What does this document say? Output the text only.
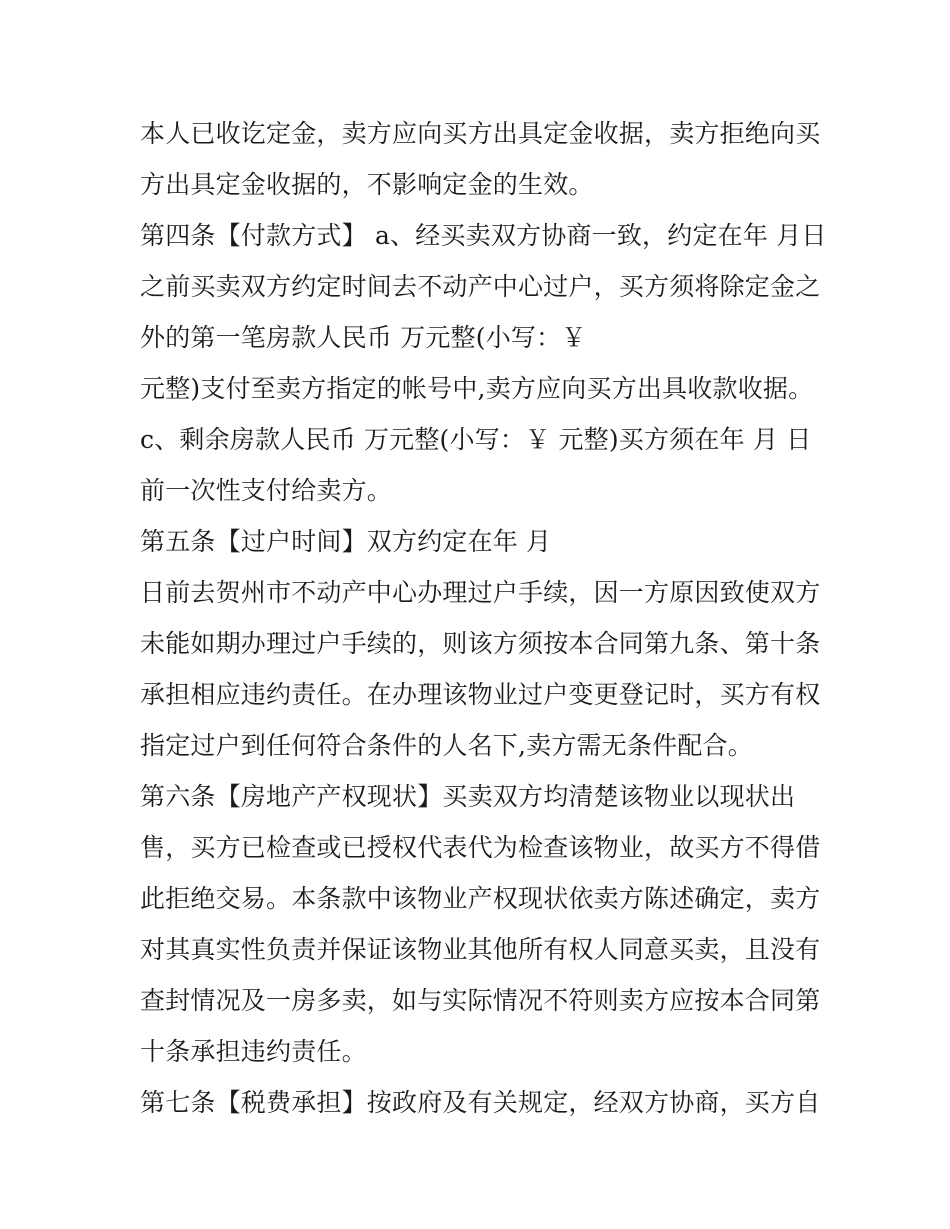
本人已收讫定金，卖方应向买方出具定金收据，卖方拒绝向买
方出具定金收据的，不影响定金的生效。
第四条【付款方式】 a、经买卖双方协商一致，约定在年 月日
之前买卖双方约定时间去不动产中心过户，买方须将除定金之
外的第一笔房款人民币 万元整(小写：￥
元整)支付至卖方指定的帐号中,卖方应向买方出具收款收据。
c、剩余房款人民币 万元整(小写：￥ 元整)买方须在年 月 日
前一次性支付给卖方。
第五条【过户时间】双方约定在年 月
日前去贺州市不动产中心办理过户手续，因一方原因致使双方
未能如期办理过户手续的，则该方须按本合同第九条、第十条
承担相应违约责任。在办理该物业过户变更登记时，买方有权
指定过户到任何符合条件的人名下,卖方需无条件配合。
第六条【房地产产权现状】买卖双方均清楚该物业以现状出
售，买方已检查或已授权代表代为检查该物业，故买方不得借
此拒绝交易。本条款中该物业产权现状依卖方陈述确定，卖方
对其真实性负责并保证该物业其他所有权人同意买卖，且没有
查封情况及一房多卖，如与实际情况不符则卖方应按本合同第
十条承担违约责任。
第七条【税费承担】按政府及有关规定，经双方协商，买方自
